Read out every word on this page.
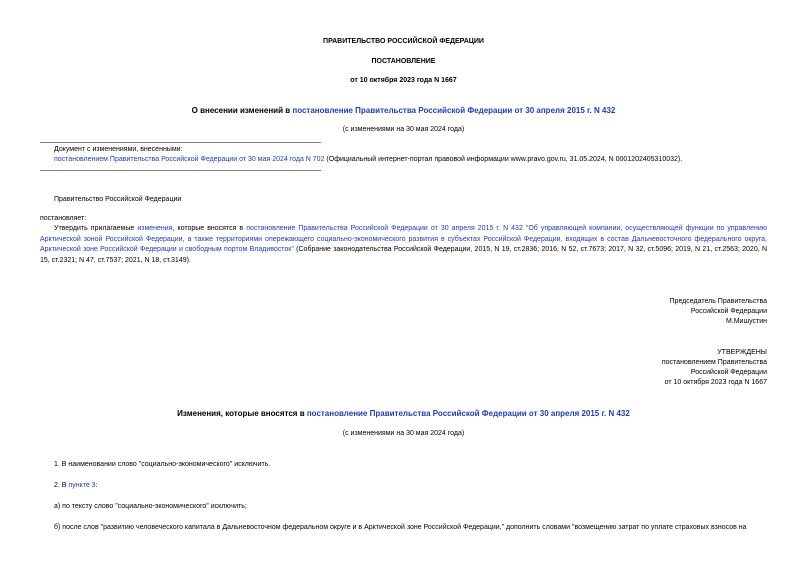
ПРАВИТЕЛЬСТВО РОССИЙСКОЙ ФЕДЕРАЦИИ
ПОСТАНОВЛЕНИЕ
от 10 октября 2023 года N 1667
О внесении изменений в постановление Правительства Российской Федерации от 30 апреля 2015 г. N 432
(с изменениями на 30 мая 2024 года)
Документ с изменениями, внесенными:
постановлением Правительства Российской Федерации от 30 мая 2024 года N 702 (Официальный интернет-портал правовой информации www.pravo.gov.ru, 31.05.2024, N 0001202405310032).
Правительство Российской Федерации
постановляет:
Утвердить прилагаемые изменения, которые вносятся в постановление Правительства Российской Федерации от 30 апреля 2015 г. N 432 "Об управляющей компании, осуществляющей функции по управлению Арктической зоной Российской Федерации, а также территориями опережающего социально-экономического развития в субъектах Российской Федерации, входящих в состав Дальневосточного федерального округа, Арктической зоне Российской Федерации и свободным портом Владивосток" (Собрание законодательства Российской Федерации, 2015, N 19, ст.2836; 2016, N 52, ст.7673; 2017, N 32, ст.5096; 2019, N 21, ст.2563; 2020, N 15, ст.2321; N 47, ст.7537; 2021, N 18, ст.3149).
Председатель Правительства
Российской Федерации
М.Мишустин
УТВЕРЖДЕНЫ
постановлением Правительства
Российской Федерации
от 10 октября 2023 года N 1667
Изменения, которые вносятся в постановление Правительства Российской Федерации от 30 апреля 2015 г. N 432
(с изменениями на 30 мая 2024 года)
1. В наименовании слово "социально-экономического" исключить.
2. В пункте 3:
а) по тексту слово "социально-экономического" исключить;
б) после слов "развитию человеческого капитала в Дальневосточном федеральном округе и в Арктической зоне Российской Федерации," дополнить словами "возмещению затрат по уплате страховых взносов на
